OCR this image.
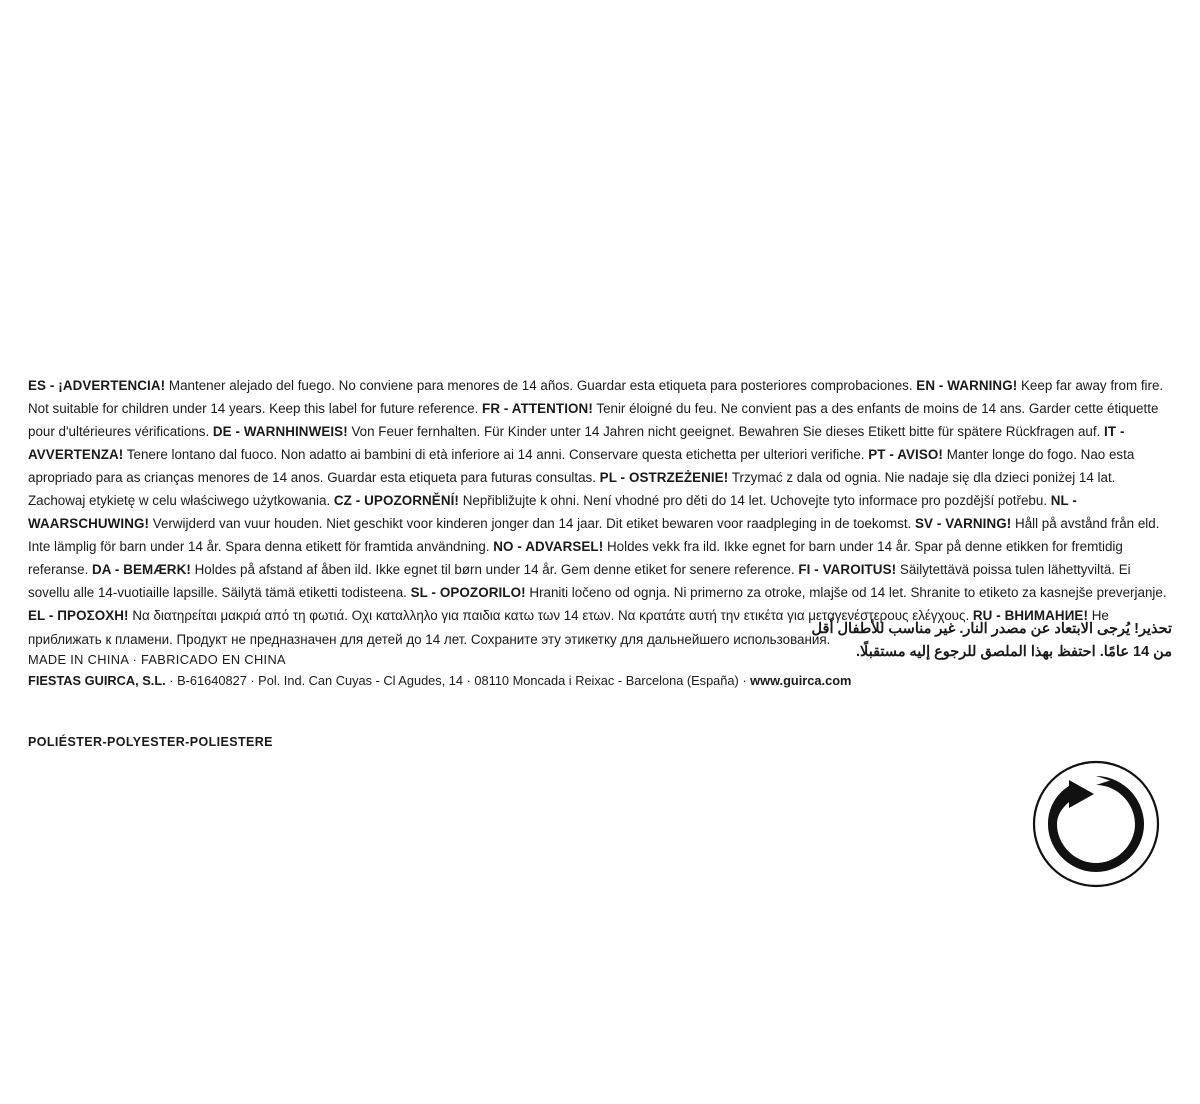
ES - ¡ADVERTENCIA! Mantener alejado del fuego. No conviene para menores de 14 años. Guardar esta etiqueta para posteriores comprobaciones. EN - WARNING! Keep far away from fire. Not suitable for children under 14 years. Keep this label for future reference. FR - ATTENTION! Tenir éloigné du feu. Ne convient pas a des enfants de moins de 14 ans. Garder cette étiquette pour d'ultérieures vérifications. DE - WARNHINWEIS! Von Feuer fernhalten. Für Kinder unter 14 Jahren nicht geeignet. Bewahren Sie dieses Etikett bitte für spätere Rückfragen auf. IT - AVVERTENZA! Tenere lontano dal fuoco. Non adatto ai bambini di età inferiore ai 14 anni. Conservare questa etichetta per ulteriori verifiche. PT - AVISO! Manter longe do fogo. Nao esta apropriado para as crianças menores de 14 anos. Guardar esta etiqueta para futuras consultas. PL - OSTRZEŻENIE! Trzymać z dala od ognia. Nie nadaje się dla dzieci poniżej 14 lat. Zachowaj etykietę w celu właściwego użytkowania. CZ - UPOZORNĚNÍ! Nepřibližujte k ohni. Není vhodné pro děti do 14 let. Uchovejte tyto informace pro pozdější potřebu. NL - WAARSCHUWING! Verwijderd van vuur houden. Niet geschikt voor kinderen jonger dan 14 jaar. Dit etiket bewaren voor raadpleging in de toekomst. SV - VARNING! Håll på avstånd från eld. Inte lämplig för barn under 14 år. Spara denna etikett för framtida användning. NO - ADVARSEL! Holdes vekk fra ild. Ikke egnet for barn under 14 år. Spar på denne etikken for fremtidig referanse. DA - BEMÆRK! Holdes på afstand af åben ild. Ikke egnet til børn under 14 år. Gem denne etiket for senere reference. FI - VAROITUS! Säilytettävä poissa tulen lähettyviltä. Ei sovellu alle 14-vuotiaille lapsille. Säilytä tämä etiketti todisteena. SL - OPOZORILO! Hraniti ločeno od ognja. Ni primerno za otroke, mlajše od 14 let. Shranite to etiketo za kasnejše preverjanje. EL - ΠΡΟΣΟΧΗ! Να διατηρείται μακριά από τη φωτιά. Οχι καταλληλο για παιδια κατω των 14 ετων. Να κρατάτε αυτή την ετικέτα για μεταγενέστερους ελέγχους. RU - ВНИМАНИЕ! Не приближать к пламени. Продукт не предназначен для детей до 14 лет. Сохраните эту этикетку для дальнейшего использования.
تحذير! يُرجى الابتعاد عن مصدر النار. غير مناسب للأطفال أقل
من 14 عامًا. احتفظ بهذا الملصق للرجوع إليه مستقبلًا.
MADE IN CHINA · FABRICADO EN CHINA
FIESTAS GUIRCA, S.L. · B-61640827 · Pol. Ind. Can Cuyas - Cl Agudes, 14 · 08110 Moncada i Reixac - Barcelona (España) · www.guirca.com
POLIÉSTER-POLYESTER-POLIESTERE
